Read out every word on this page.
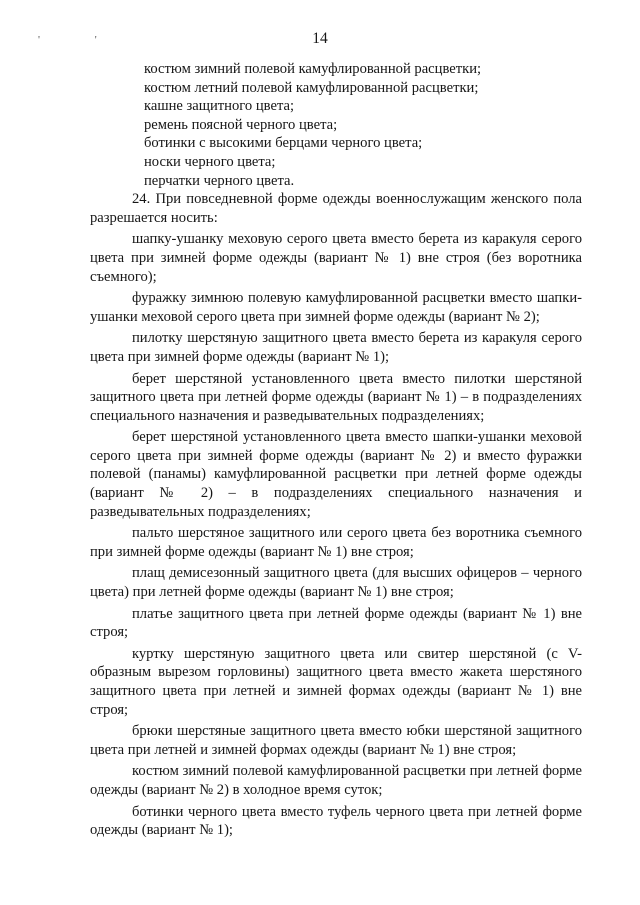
' '	14

костюм зимний полевой камуфлированной расцветки;

костюм летний полевой камуфлированной расцветки;

кашне защитного цвета;

ремень поясной черного цвета;

ботинки с высокими берцами черного цвета;

носки черного цвета;

перчатки черного цвета.

24. При повседневной форме одежды военнослужащим женского пола разрешается носить:

шапку-ушанку меховую серого цвета вместо берета из каракуля серого цвета при зимней форме одежды (вариант № 1) вне строя (без воротника съемного);

фуражку зимнюю полевую камуфлированной расцветки вместо шапки-ушанки меховой серого цвета при зимней форме одежды (вариант № 2);

пилотку шерстяную защитного цвета вместо берета из каракуля серого цвета при зимней форме одежды (вариант № 1);

берет шерстяной установленного цвета вместо пилотки шерстяной защитного цвета при летней форме одежды (вариант № 1) – в подразделениях специального назначения и разведывательных подразделениях;

берет шерстяной установленного цвета вместо шапки-ушанки меховой серого цвета при зимней форме одежды (вариант № 2) и вместо фуражки полевой (панамы) камуфлированной расцветки при летней форме одежды (вариант № 2) – в подразделениях специального назначения и разведывательных подразделениях;

пальто шерстяное защитного или серого цвета без воротника съемного при зимней форме одежды (вариант № 1) вне строя;

плащ демисезонный защитного цвета (для высших офицеров – черного цвета) при летней форме одежды (вариант № 1) вне строя;

платье защитного цвета при летней форме одежды (вариант № 1) вне строя;

куртку шерстяную защитного цвета или свитер шерстяной (с V-образным вырезом горловины) защитного цвета вместо жакета шерстяного защитного цвета при летней и зимней формах одежды (вариант № 1) вне строя;

брюки шерстяные защитного цвета вместо юбки шерстяной защитного цвета при летней и зимней формах одежды (вариант № 1) вне строя;

костюм зимний полевой камуфлированной расцветки при летней форме одежды (вариант № 2) в холодное время суток;

ботинки черного цвета вместо туфель черного цвета при летней форме одежды (вариант № 1);
